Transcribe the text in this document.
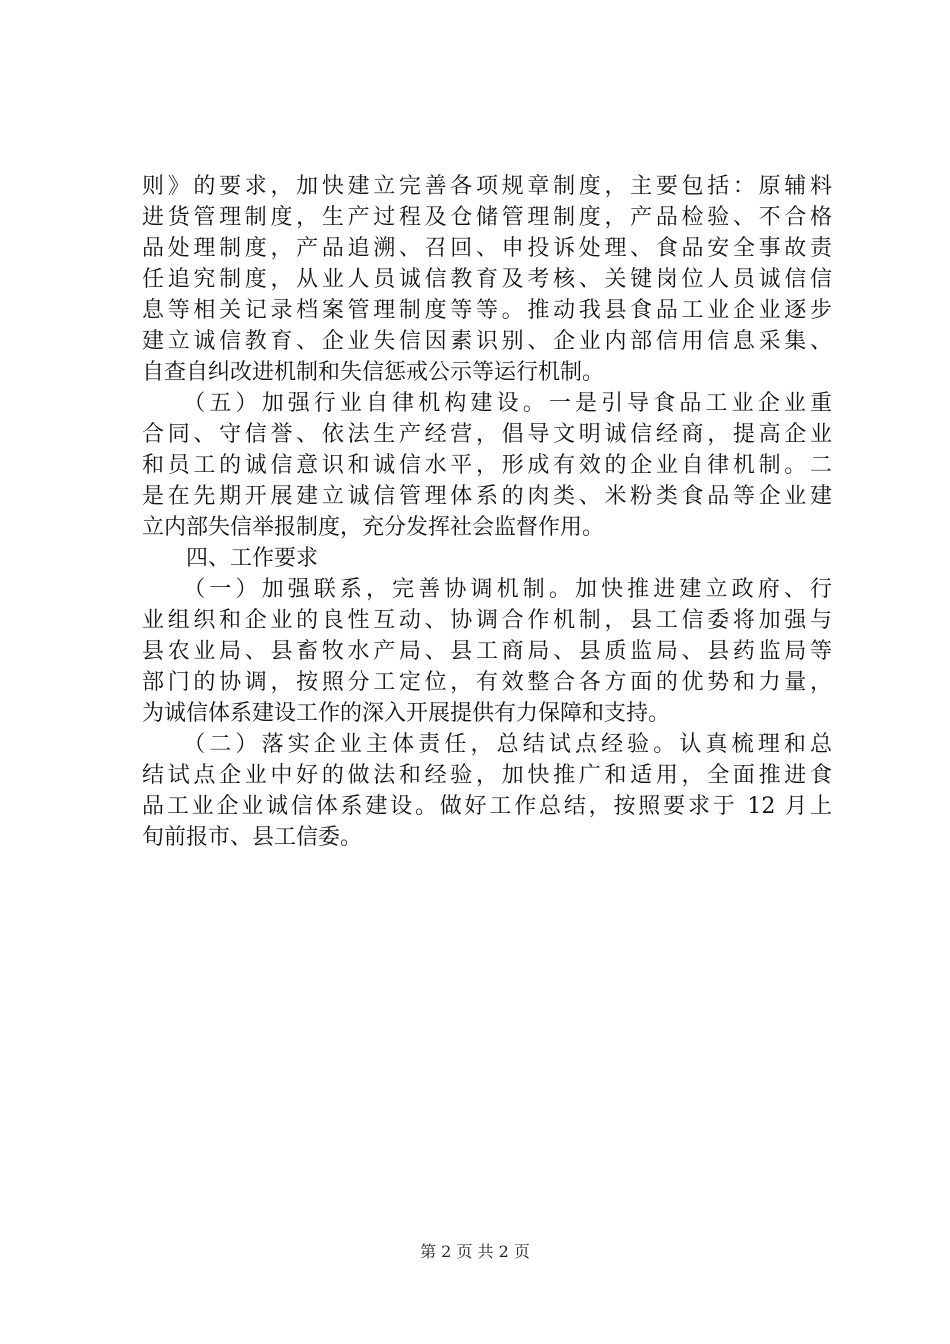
则》的要求，加快建立完善各项规章制度，主要包括：原辅料
进货管理制度，生产过程及仓储管理制度，产品检验、不合格
品处理制度，产品追溯、召回、申投诉处理、食品安全事故责
任追究制度，从业人员诚信教育及考核、关键岗位人员诚信信
息等相关记录档案管理制度等等。推动我县食品工业企业逐步
建立诚信教育、企业失信因素识别、企业内部信用信息采集、
自查自纠改进机制和失信惩戒公示等运行机制。
　　（五）加强行业自律机构建设。一是引导食品工业企业重
合同、守信誉、依法生产经营，倡导文明诚信经商，提高企业
和员工的诚信意识和诚信水平，形成有效的企业自律机制。二
是在先期开展建立诚信管理体系的肉类、米粉类食品等企业建
立内部失信举报制度，充分发挥社会监督作用。
　　四、工作要求
　　（一）加强联系，完善协调机制。加快推进建立政府、行
业组织和企业的良性互动、协调合作机制，县工信委将加强与
县农业局、县畜牧水产局、县工商局、县质监局、县药监局等
部门的协调，按照分工定位，有效整合各方面的优势和力量，
为诚信体系建设工作的深入开展提供有力保障和支持。
　　（二）落实企业主体责任，总结试点经验。认真梳理和总
结试点企业中好的做法和经验，加快推广和适用，全面推进食
品工业企业诚信体系建设。做好工作总结，按照要求于 12 月上
旬前报市、县工信委。
第 2 页 共 2 页
